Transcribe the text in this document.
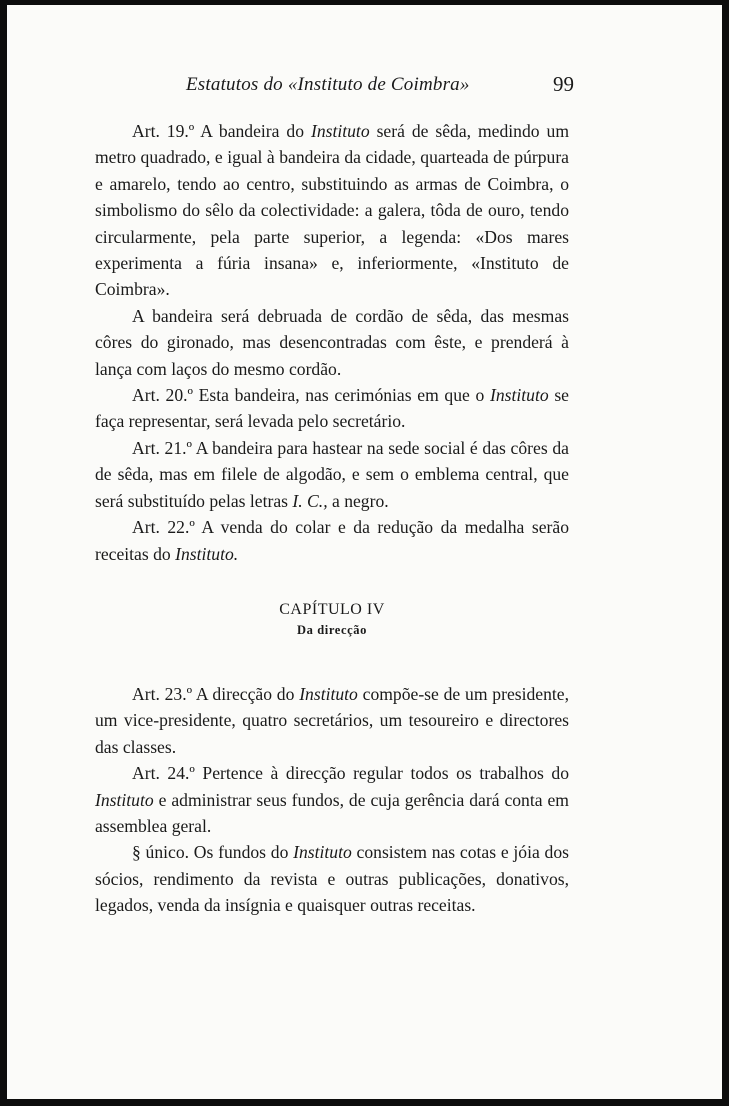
Estatutos do «Instituto de Coimbra»	99

Art. 19.º A bandeira do Instituto será de sêda, medindo um metro quadrado, e igual à bandeira da cidade, quarteada de púrpura e amarelo, tendo ao centro, substituindo as armas de Coimbra, o simbolismo do sêlo da colectividade: a galera, tôda de ouro, tendo circularmente, pela parte superior, a legenda: «Dos mares experimenta a fúria insana» e, inferiormente, «Instituto de Coimbra».

A bandeira será debruada de cordão de sêda, das mesmas côres do gironado, mas desencontradas com êste, e prenderá à lança com laços do mesmo cordão.

Art. 20.º Esta bandeira, nas cerimónias em que o Instituto se faça representar, será levada pelo secretário.

Art. 21.º A bandeira para hastear na sede social é das côres da de sêda, mas em filele de algodão, e sem o emblema central, que será substituído pelas letras I. C., a negro.

Art. 22.º A venda do colar e da redução da medalha serão receitas do Instituto.

CAPÍTULO IV
Da direcção

Art. 23.º A direcção do Instituto compõe-se de um presidente, um vice-presidente, quatro secretários, um tesoureiro e directores das classes.

Art. 24.º Pertence à direcção regular todos os trabalhos do Instituto e administrar seus fundos, de cuja gerência dará conta em assemblea geral.

§ único. Os fundos do Instituto consistem nas cotas e jóia dos sócios, rendimento da revista e outras publicações, donativos, legados, venda da insígnia e quaisquer outras receitas.
